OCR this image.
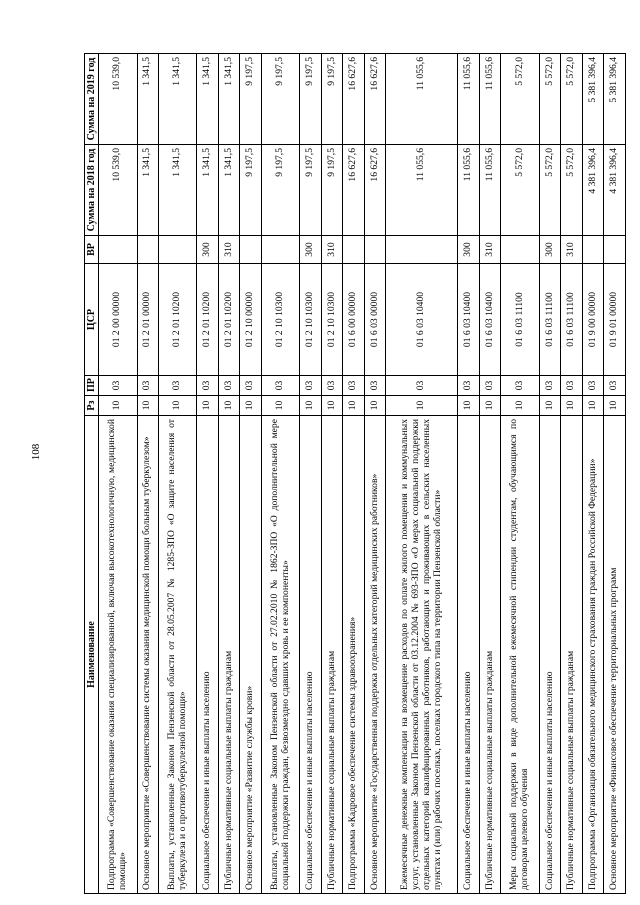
108
Наименование	Рз	ПР	ЦСР	ВР	Сумма на 2018 год	Сумма на 2019 год
Подпрограмма «Совершенствование оказания специализированной, включая высокотехнологичную, медицинской помощи»	10	03	01 2 00 00000		10 539,0	10 539,0
Основное мероприятие «Совершенствование системы оказания медицинской помощи больным туберкулезом»	10	03	01 2 01 00000		1 341,5	1 341,5
Выплаты, установленные Законом Пензенской области от 28.05.2007 № 1285-ЗПО «О защите населения от туберкулеза и о противотуберкулезной помощи»	10	03	01 2 01 10200		1 341,5	1 341,5
Социальное обеспечение и иные выплаты населению	10	03	01 2 01 10200	300	1 341,5	1 341,5
Публичные нормативные социальные выплаты гражданам	10	03	01 2 01 10200	310	1 341,5	1 341,5
Основное мероприятие «Развитие службы крови»	10	03	01 2 10 00000		9 197,5	9 197,5
Выплаты, установленные Законом Пензенской области от 27.02.2010 № 1862-ЗПО «О дополнительной мере социальной поддержки граждан, безвозмездно сдавших кровь и ее компоненты»	10	03	01 2 10 10300		9 197,5	9 197,5
Социальное обеспечение и иные выплаты населению	10	03	01 2 10 10300	300	9 197,5	9 197,5
Публичные нормативные социальные выплаты гражданам	10	03	01 2 10 10300	310	9 197,5	9 197,5
Подпрограмма «Кадровое обеспечение системы здравоохранения»	10	03	01 6 00 00000		16 627,6	16 627,6
Основное мероприятие «Государственная поддержка отдельных категорий медицинских работников»	10	03	01 6 03 00000		16 627,6	16 627,6
Ежемесячные денежные компенсации на возмещение расходов по оплате жилого помещения и коммунальных услуг, установленные Законом Пензенской области от 03.12.2004 № 693-ЗПО «О мерах социальной поддержки отдельных категорий квалифицированных работников, работающих и проживающих в сельских населенных пунктах и (или) рабочих поселках, поселках городского типа на территории Пензенской области»	10	03	01 6 03 10400		11 055,6	11 055,6
Социальное обеспечение и иные выплаты населению	10	03	01 6 03 10400	300	11 055,6	11 055,6
Публичные нормативные социальные выплаты гражданам	10	03	01 6 03 10400	310	11 055,6	11 055,6
Меры социальной поддержки в виде дополнительной ежемесячной стипендии студентам, обучающимся по договорам целевого обучения	10	03	01 6 03 11100		5 572,0	5 572,0
Социальное обеспечение и иные выплаты населению	10	03	01 6 03 11100	300	5 572,0	5 572,0
Публичные нормативные социальные выплаты гражданам	10	03	01 6 03 11100	310	5 572,0	5 572,0
Подпрограмма «Организация обязательного медицинского страхования граждан Российской Федерации»	10	03	01 9 00 00000		4 381 396,4	5 381 396,4
Основное мероприятие «Финансовое обеспечение территориальных программ	10	03	01 9 01 00000		4 381 396,4	5 381 396,4
